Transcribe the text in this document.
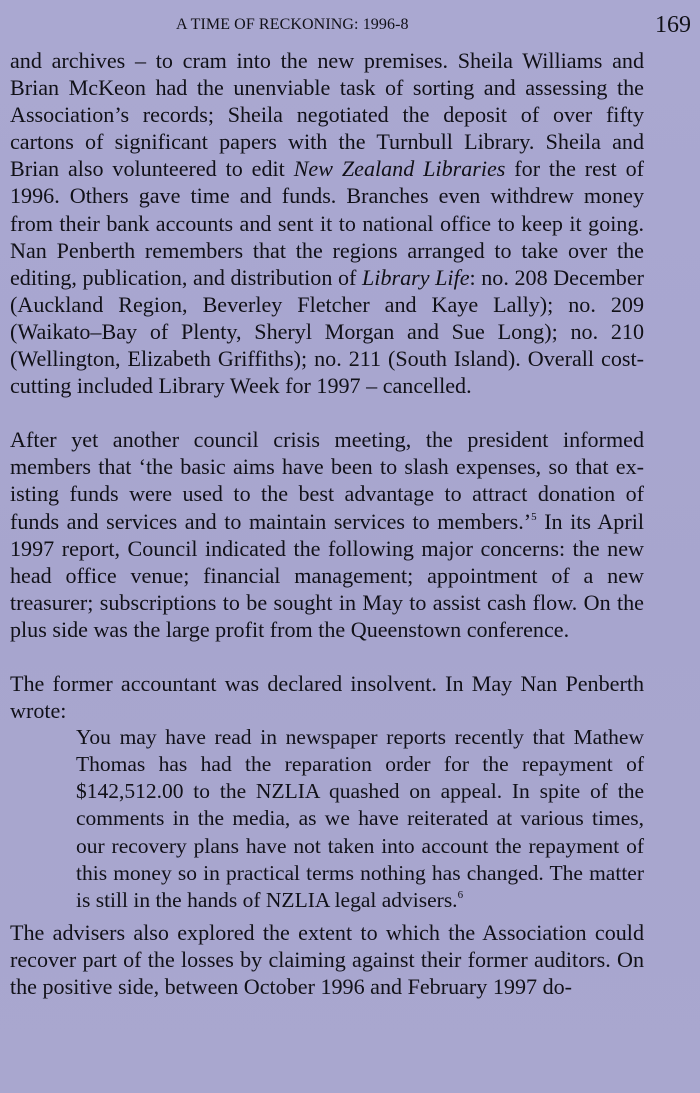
A TIME OF RECKONING: 1996-8	169

and archives – to cram into the new premises. Sheila Williams and Brian McKeon had the unenviable task of sorting and assessing the Association’s records; Sheila negotiated the deposit of over fifty cartons of significant papers with the Turnbull Library. Sheila and Brian also volunteered to edit New Zealand Libraries for the rest of 1996. Others gave time and funds. Branches even withdrew money from their bank accounts and sent it to national office to keep it going. Nan Penberth remembers that the regions arranged to take over the editing, publication, and distribution of Library Life: no. 208 December (Auckland Region, Beverley Fletcher and Kaye Lally); no. 209 (Waikato–Bay of Plenty, Sheryl Morgan and Sue Long); no. 210 (Wellington, Elizabeth Griffiths); no. 211 (South Island). Overall cost-cutting included Library Week for 1997 – cancelled.

After yet another council crisis meeting, the president informed members that ‘the basic aims have been to slash expenses, so that ex-isting funds were used to the best advantage to attract donation of funds and services and to maintain services to members.’$^5$ In its April 1997 report, Council indicated the following major concerns: the new head office venue; financial management; appointment of a new treasurer; subscriptions to be sought in May to assist cash flow. On the plus side was the large profit from the Queenstown conference.

The former accountant was declared insolvent. In May Nan Penberth wrote:

You may have read in newspaper reports recently that Mathew Thomas has had the reparation order for the repayment of $142,512.00 to the NZLIA quashed on appeal. In spite of the comments in the media, as we have reiterated at various times, our recovery plans have not taken into account the repayment of this money so in practical terms nothing has changed. The matter is still in the hands of NZLIA legal advisers.$^6$

The advisers also explored the extent to which the Association could recover part of the losses by claiming against their former auditors. On the positive side, between October 1996 and February 1997 do-
